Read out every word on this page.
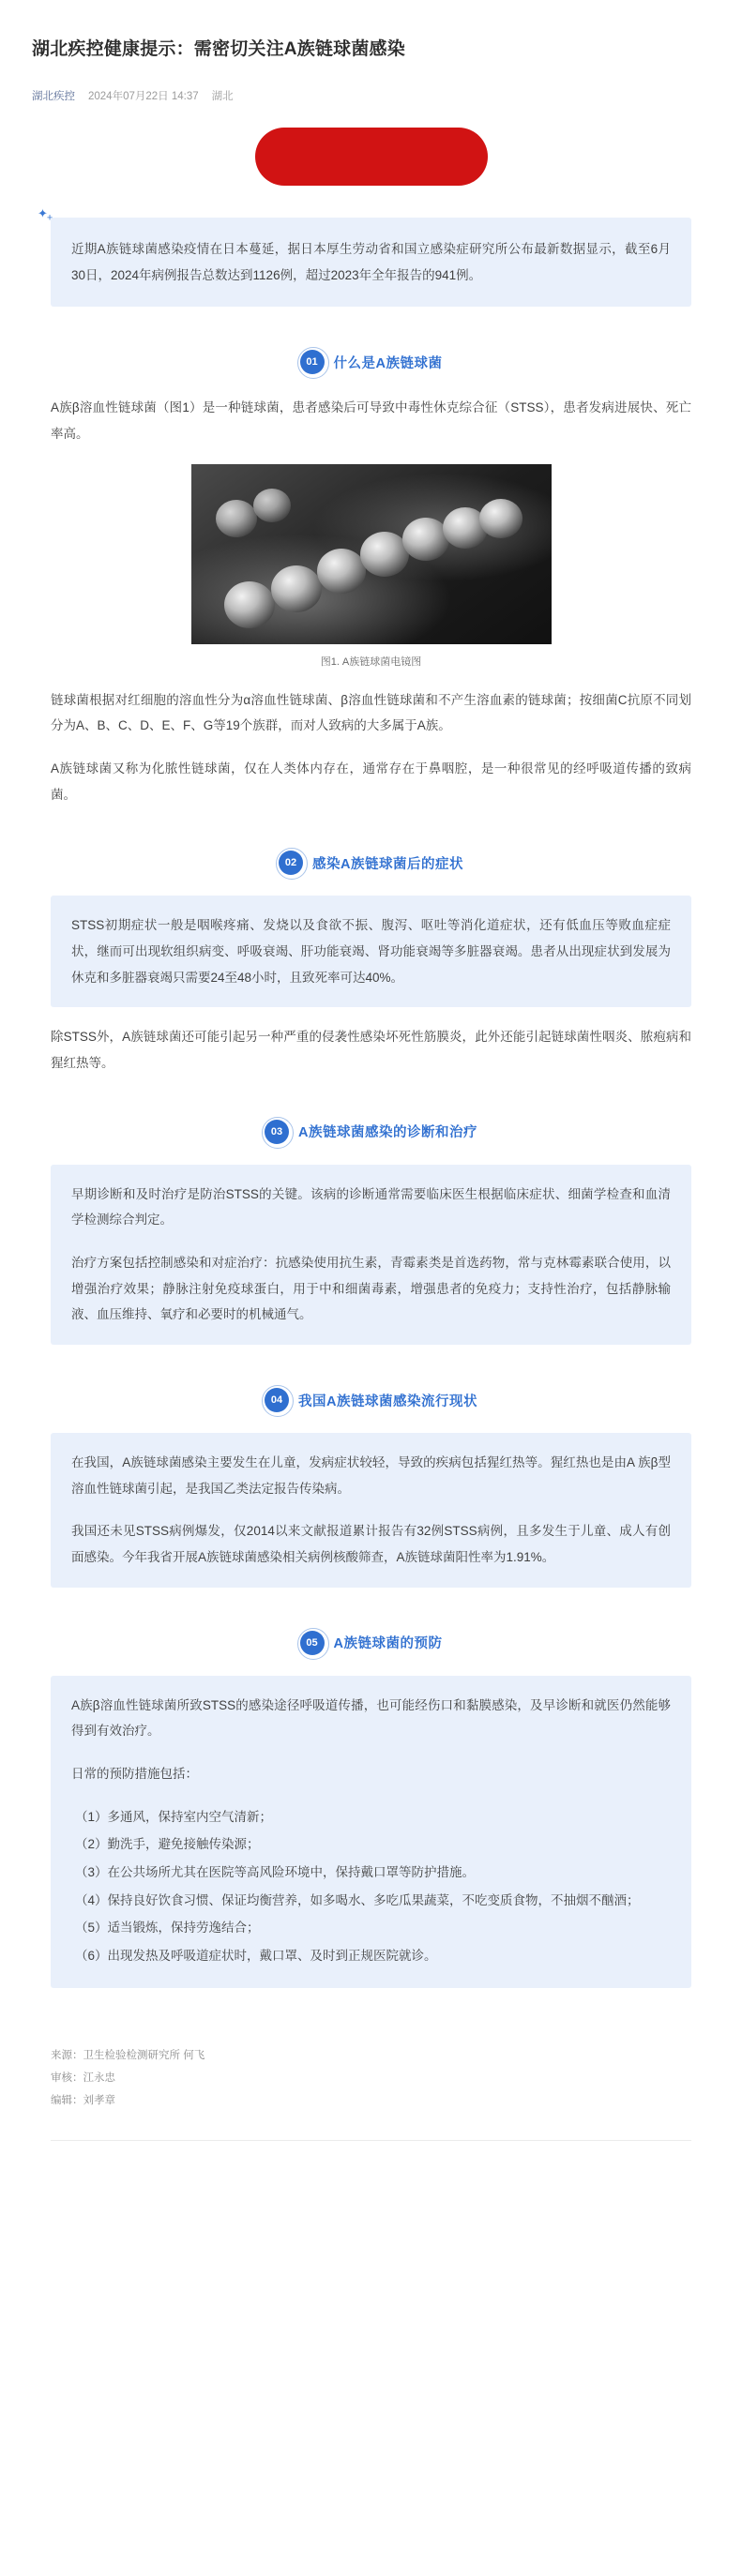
湖北疾控健康提示：需密切关注A族链球菌感染
湖北疾控 2024年07月22日 14:37 湖北
$✦_+$
近期A族链球菌感染疫情在日本蔓延，据日本厚生劳动省和国立感染症研究所公布最新数据显示，截至6月30日，2024年病例报告总数达到1126例，超过2023年全年报告的941例。
01	什么是A族链球菌

A族β溶血性链球菌（图1）是一种链球菌，患者感染后可导致中毒性休克综合征（STSS），患者发病进展快、死亡率高。

图1. A族链球菌电镜图

链球菌根据对红细胞的溶血性分为α溶血性链球菌、β溶血性链球菌和不产生溶血素的链球菌；按细菌C抗原不同划分为A、B、C、D、E、F、G等19个族群，而对人致病的大多属于A族。

A族链球菌又称为化脓性链球菌，仅在人类体内存在，通常存在于鼻咽腔，是一种很常见的经呼吸道传播的致病菌。

02	感染A族链球菌后的症状

STSS初期症状一般是咽喉疼痛、发烧以及食欲不振、腹泻、呕吐等消化道症状，还有低血压等败血症症状，继而可出现软组织病变、呼吸衰竭、肝功能衰竭、肾功能衰竭等多脏器衰竭。患者从出现症状到发展为休克和多脏器衰竭只需要24至48小时，且致死率可达40%。

除STSS外，A族链球菌还可能引起另一种严重的侵袭性感染坏死性筋膜炎，此外还能引起链球菌性咽炎、脓疱病和猩红热等。

03	A族链球菌感染的诊断和治疗

早期诊断和及时治疗是防治STSS的关键。该病的诊断通常需要临床医生根据临床症状、细菌学检查和血清学检测综合判定。

治疗方案包括控制感染和对症治疗：抗感染使用抗生素，青霉素类是首选药物，常与克林霉素联合使用，以增强治疗效果；静脉注射免疫球蛋白，用于中和细菌毒素，增强患者的免疫力；支持性治疗，包括静脉输液、血压维持、氧疗和必要时的机械通气。

04	我国A族链球菌感染流行现状

在我国，A族链球菌感染主要发生在儿童，发病症状较轻，导致的疾病包括猩红热等。猩红热也是由A 族β型溶血性链球菌引起，是我国乙类法定报告传染病。

我国还未见STSS病例爆发，仅2014以来文献报道累计报告有32例STSS病例，且多发生于儿童、成人有创面感染。今年我省开展A族链球菌感染相关病例核酸筛查，A族链球菌阳性率为1.91%。

05	A族链球菌的预防

A族β溶血性链球菌所致STSS的感染途径呼吸道传播，也可能经伤口和黏膜感染，及早诊断和就医仍然能够得到有效治疗。

日常的预防措施包括：

（1）多通风，保持室内空气清新；
（2）勤洗手，避免接触传染源；
（3）在公共场所尤其在医院等高风险环境中，保持戴口罩等防护措施。
（4）保持良好饮食习惯、保证均衡营养，如多喝水、多吃瓜果蔬菜，不吃变质食物，不抽烟不酗酒；
（5）适当锻炼，保持劳逸结合；
（6）出现发热及呼吸道症状时，戴口罩、及时到正规医院就诊。
来源：卫生检验检测研究所 何飞
审核：江永忠
编辑：刘孝章
